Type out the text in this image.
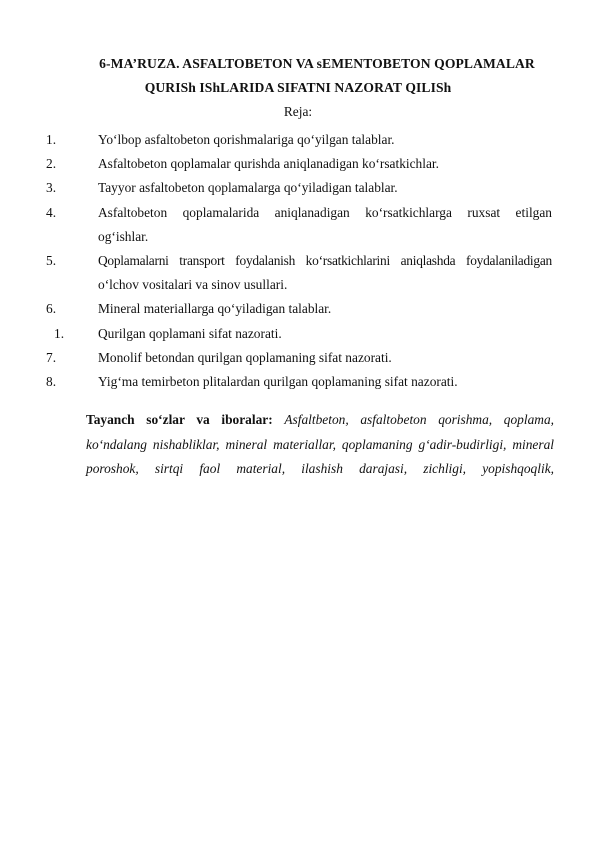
6-MA’RUZA. ASFALTOBETON VA sEMENTOBETON QOPLAMALAR
QURISh IShLARIDA SIFATNI NAZORAT QILISh
Reja:
1.	Yo‘lbop asfaltobeton qorishmalariga qo‘yilgan talablar.
2.	Asfaltobeton qoplamalar qurishda aniqlanadigan ko‘rsatkichlar.
3.	Tayyor asfaltobeton qoplamalarga qo‘yiladigan talablar.
4.	Asfaltobeton qoplamalarida aniqlanadigan ko‘rsatkichlarga ruxsat etilgan
og‘ishlar.
5.	Qoplamalarni transport foydalanish ko‘rsatkichlarini aniqlashda foydalaniladigan
o‘lchov vositalari va sinov usullari.
6.	Mineral materiallarga qo‘yiladigan talablar.
1.	Qurilgan qoplamani sifat nazorati.
7.	Monolif betondan qurilgan qoplamaning sifat nazorati.
8.	Yig‘ma temirbeton plitalardan qurilgan qoplamaning sifat nazorati.

Tayanch so‘zlar va iboralar: Asfaltbeton, asfaltobeton qorishma, qoplama, ko‘ndalang nishabliklar, mineral materiallar, qoplamaning g‘adir-budirligi, mineral poroshok, sirtqi faol material, ilashish darajasi, zichligi, yopishqoqlik,
